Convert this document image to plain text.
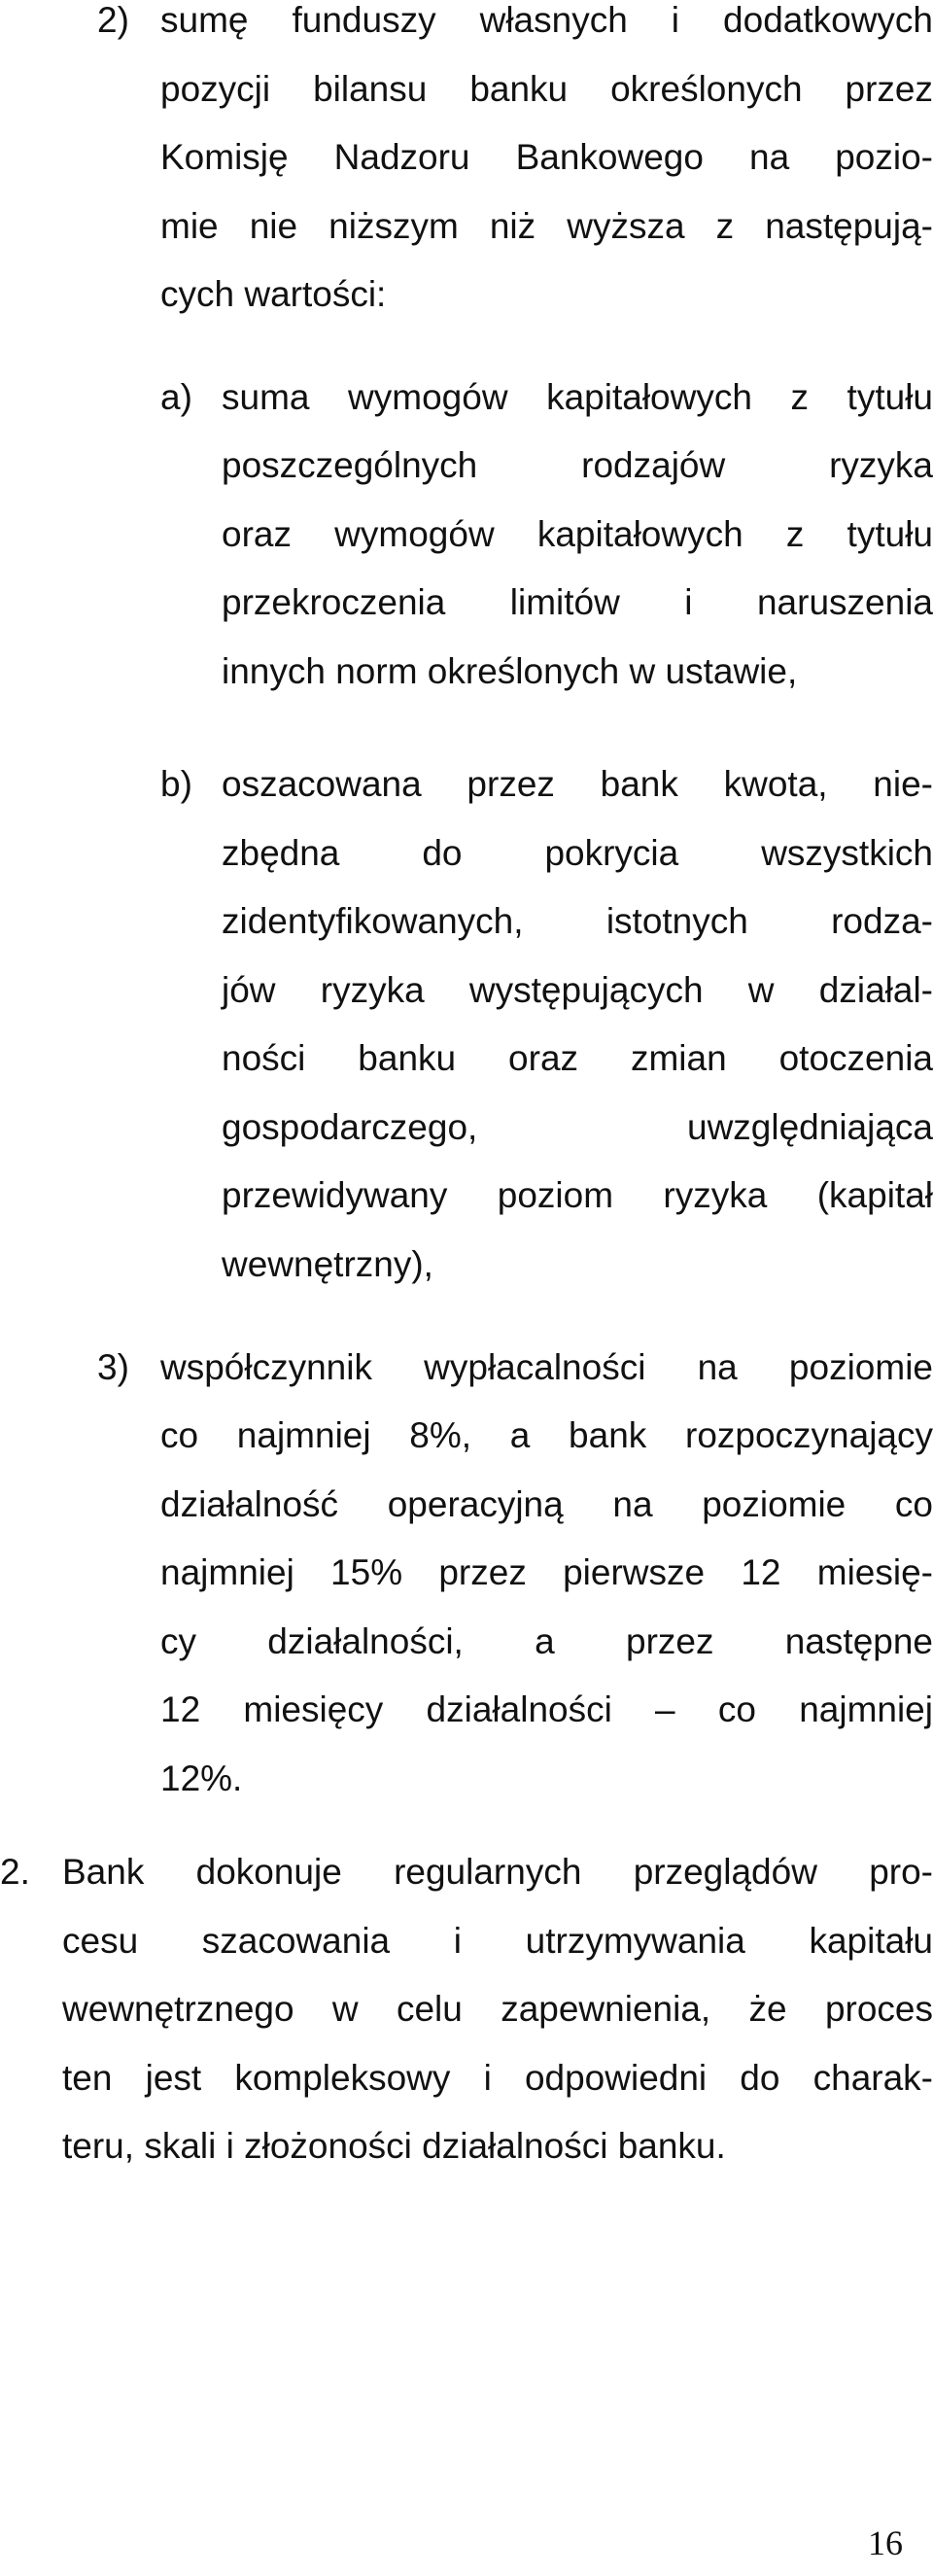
2) sumę funduszy własnych i dodatkowych
pozycji bilansu banku określonych przez
Komisję Nadzoru Bankowego na pozio-
mie nie niższym niż wyższa z następują-
cych wartości:
a) suma wymogów kapitałowych z tytułu
poszczególnych rodzajów ryzyka
oraz wymogów kapitałowych z tytułu
przekroczenia limitów i naruszenia
innych norm określonych w ustawie,
b) oszacowana przez bank kwota, nie-
zbędna do pokrycia wszystkich
zidentyfikowanych, istotnych rodza-
jów ryzyka występujących w działal-
ności banku oraz zmian otoczenia
gospodarczego, uwzględniająca
przewidywany poziom ryzyka (kapitał
wewnętrzny),
3) współczynnik wypłacalności na poziomie
co najmniej 8%, a bank rozpoczynający
działalność operacyjną na poziomie co
najmniej 15% przez pierwsze 12 miesię-
cy działalności, a przez następne
12 miesięcy działalności – co najmniej
12%.
2. Bank dokonuje regularnych przeglądów pro-
cesu szacowania i utrzymywania kapitału
wewnętrznego w celu zapewnienia, że proces
ten jest kompleksowy i odpowiedni do charak-
teru, skali i złożoności działalności banku.
16
